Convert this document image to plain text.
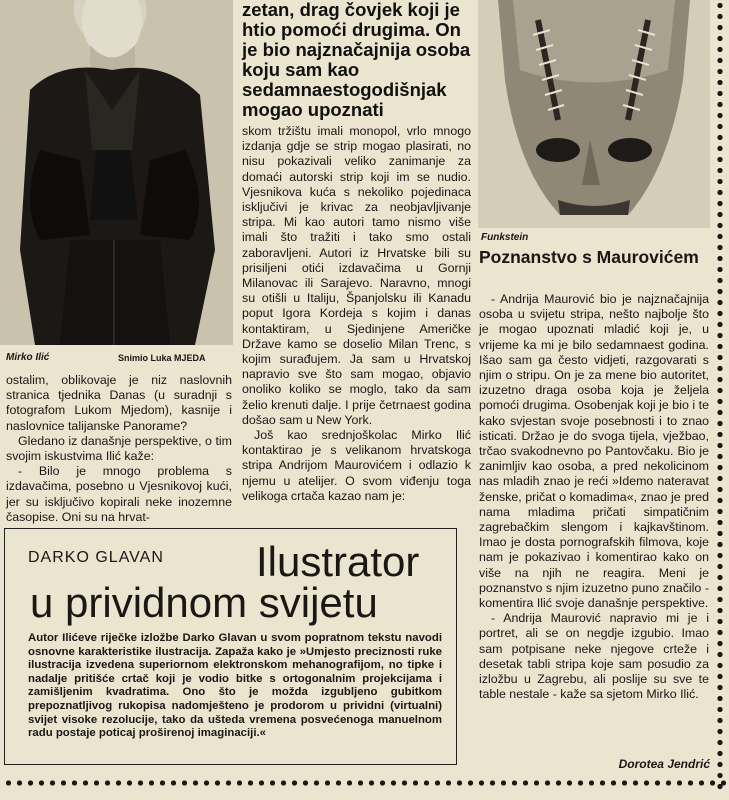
Mirko Ilić	Snimio Luka MJEDA
zetan, drag čovjek koji je htio pomoći drugima. On je bio najznačajnija osoba koju sam kao sedamnaestogodišnjak mogao upoznati

ostalim, oblikovaje je niz naslovnih stranica tjednika Danas (u suradnji s fotografom Lukom Mjedom), kasnije i naslovnice talijanske Panorame?

Gledano iz današnje perspektive, o tim svojim iskustvima Ilić kaže:

- Bilo je mnogo problema s izdavačima, posebno u Vjesnikovoj kući, jer su isključivo kopirali neke inozemne časopise. Oni su na hrvat-

skom tržištu imali monopol, vrlo mnogo izdanja gdje se strip mogao plasirati, no nisu pokazivali veliko zanimanje za domaći autorski strip koji im se nudio. Vjesnikova kuća s nekoliko pojedinaca isključivi je krivac za neobjavljivanje stripa. Mi kao autori tamo nismo više imali što tražiti i tako smo ostali zaboravljeni. Autori iz Hrvatske bili su prisiljeni otići izdavačima u Gornji Milanovac ili Sarajevo. Naravno, mnogi su otišli u Italiju, Španjolsku ili Kanadu poput Igora Kordeja s kojim i danas kontaktiram, u Sjedinjene Američke Države kamo se doselio Milan Trenc, s kojim surađujem. Ja sam u Hrvatskoj napravio sve što sam mogao, objavio onoliko koliko se moglo, tako da sam želio krenuti dalje. I prije četrnaest godina došao sam u New York.

Još kao srednjoškolac Mirko Ilić kontaktirao je s velikanom hrvatskoga stripa Andrijom Maurovićem i odlazio k njemu u atelijer. O svom viđenju toga velikoga crtača kazao nam je:

Funkstein
Poznanstvo s Maurovićem

- Andrija Maurović bio je najznačajnija osoba u svijetu stripa, nešto najbolje što je mogao upoznati mladić koji je, u vrijeme ka mi je bilo sedamnaest godina. Išao sam ga često vidjeti, razgovarati s njim o stripu. On je za mene bio autoritet, izuzetno draga osoba koja je željela pomoći drugima. Osobenjak koji je bio i te kako svjestan svoje posebnosti i to znao isticati. Držao je do svoga tijela, vježbao, trčao svakodnevno po Pantovčaku. Bio je zanimljiv kao osoba, a pred nekolicinom nas mladih znao je reći »Idemo nateravat ženske, pričat o komadima«, znao je pred nama mladima pričati simpatičnim zagrebačkim slengom i kajkavštinom. Imao je dosta pornografskih filmova, koje nam je pokazivao i komentirao kako on više na njih ne reagira. Meni je poznanstvo s njim izuzetno puno značilo - komentira Ilić svoje današnje perspektive.

- Andrija Maurović napravio mi je i portret, ali se on negdje izgubio. Imao sam potpisane neke njegove crteže i desetak tabli stripa koje sam posudio za izložbu u Zagrebu, ali poslije su sve te table nestale - kaže sa sjetom Mirko Ilić.

Dorotea Jendrić
DARKO GLAVAN Ilustrator
u prividnom svijetu
Autor Ilićeve riječke izložbe Darko Glavan u svom popratnom tekstu navodi osnovne karakteristike ilustracija. Zapaža kako je »Umjesto preciznosti ruke ilustracija izvedena superiornom elektronskom mehanografijom, no tipke i nadalje pritišće crtač koji je vodio bitke s ortogonalnim projekcijama i zamišljenim kvadratima. Ono što je možda izgubljeno gubitkom prepoznatljivog rukopisa nadomješteno je prodorom u prividni (virtualni) svijet visoke rezolucije, tako da ušteda vremena posvećenoga manuelnom radu postaje poticaj proširenoj imaginaciji.«
